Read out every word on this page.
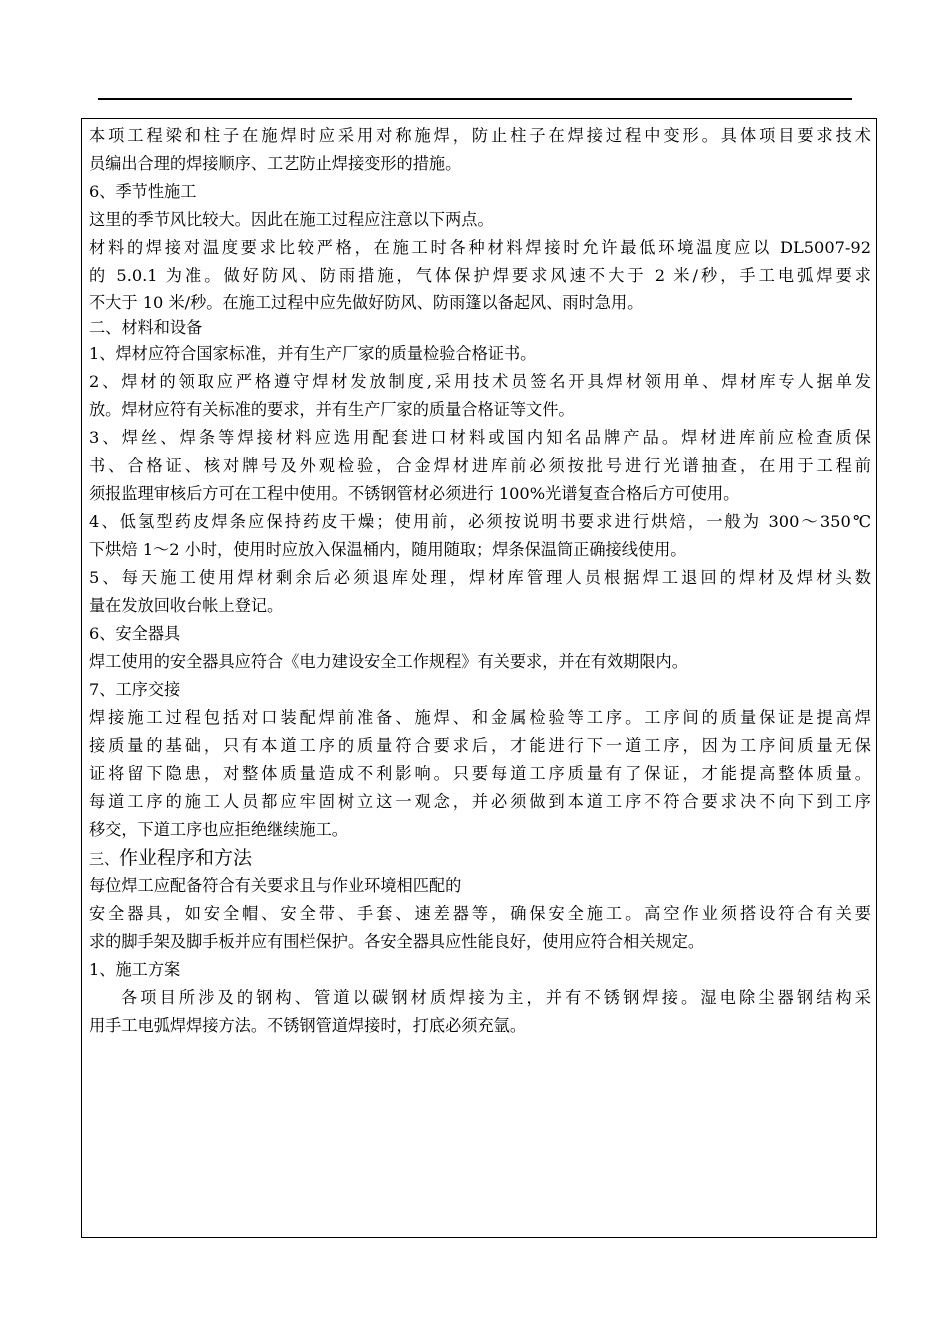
本项工程梁和柱子在施焊时应采用对称施焊，防止柱子在焊接过程中变形。具体项目要求技术
员编出合理的焊接顺序、工艺防止焊接变形的措施。
6、季节性施工
这里的季节风比较大。因此在施工过程应注意以下两点。
材料的焊接对温度要求比较严格，在施工时各种材料焊接时允许最低环境温度应以 DL5007-92
的 5.0.1 为准。做好防风、防雨措施，气体保护焊要求风速不大于 2 米/秒，手工电弧焊要求
不大于 10 米/秒。在施工过程中应先做好防风、防雨篷以备起风、雨时急用。
二、材料和设备
1、焊材应符合国家标准，并有生产厂家的质量检验合格证书。
2、焊材的领取应严格遵守焊材发放制度,采用技术员签名开具焊材领用单、焊材库专人据单发
放。焊材应符有关标准的要求，并有生产厂家的质量合格证等文件。
3、焊丝、焊条等焊接材料应选用配套进口材料或国内知名品牌产品。焊材进库前应检查质保
书、合格证、核对牌号及外观检验，合金焊材进库前必须按批号进行光谱抽查，在用于工程前
须报监理审核后方可在工程中使用。不锈钢管材必须进行 100%光谱复查合格后方可使用。
4、低氢型药皮焊条应保持药皮干燥；使用前，必须按说明书要求进行烘焙，一般为 300～350℃
下烘焙 1～2 小时，使用时应放入保温桶内，随用随取；焊条保温筒正确接线使用。
5、每天施工使用焊材剩余后必须退库处理，焊材库管理人员根据焊工退回的焊材及焊材头数
量在发放回收台帐上登记。
6、安全器具
焊工使用的安全器具应符合《电力建设安全工作规程》有关要求，并在有效期限内。
7、工序交接
焊接施工过程包括对口装配焊前准备、施焊、和金属检验等工序。工序间的质量保证是提高焊
接质量的基础，只有本道工序的质量符合要求后，才能进行下一道工序，因为工序间质量无保
证将留下隐患，对整体质量造成不利影响。只要每道工序质量有了保证，才能提高整体质量。
每道工序的施工人员都应牢固树立这一观念，并必须做到本道工序不符合要求决不向下到工序
移交，下道工序也应拒绝继续施工。
三、作业程序和方法
每位焊工应配备符合有关要求且与作业环境相匹配的
安全器具，如安全帽、安全带、手套、速差器等，确保安全施工。高空作业须搭设符合有关要
求的脚手架及脚手板并应有围栏保护。各安全器具应性能良好，使用应符合相关规定。
1、施工方案
各项目所涉及的钢构、管道以碳钢材质焊接为主，并有不锈钢焊接。湿电除尘器钢结构采
用手工电弧焊焊接方法。不锈钢管道焊接时，打底必须充氩。
